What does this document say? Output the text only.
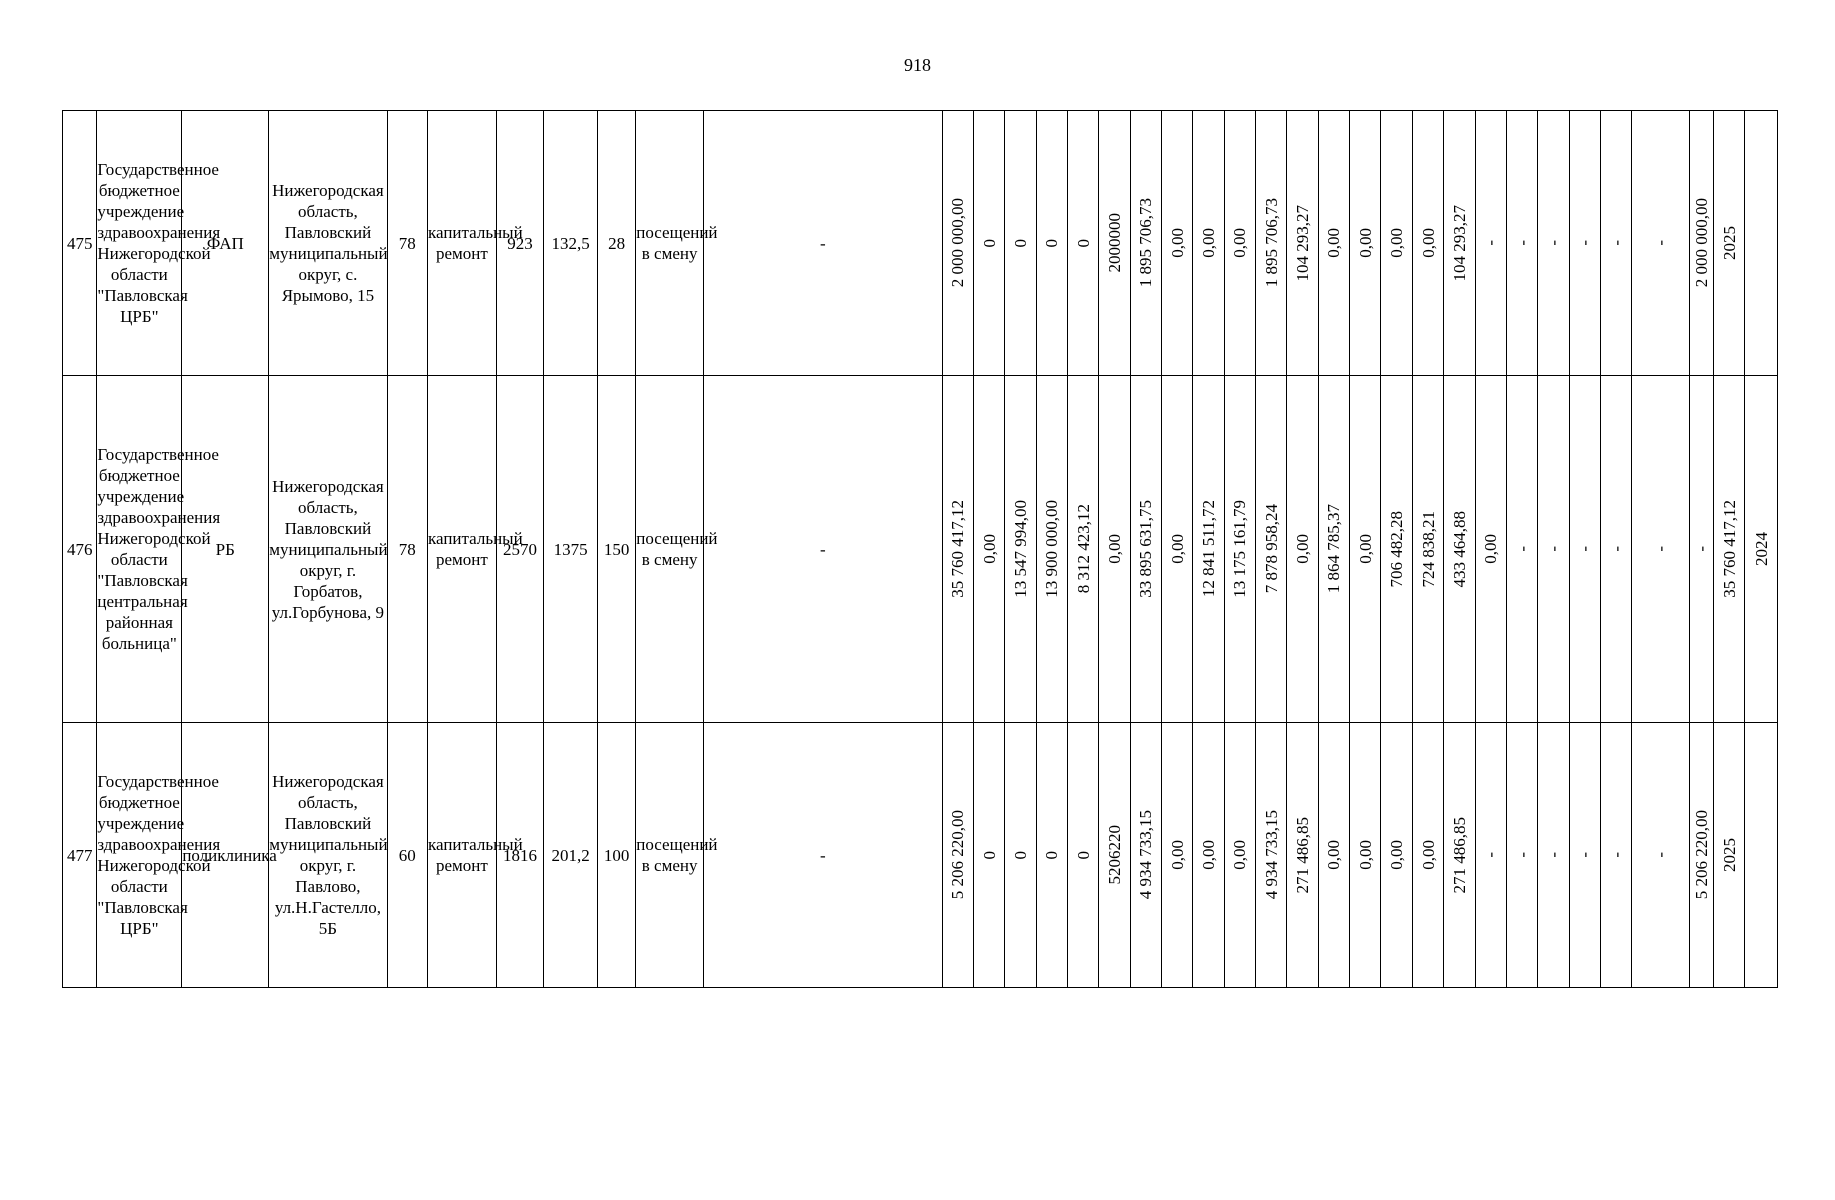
918
475	Государственное бюджетное учреждение здравоохранения Нижегородской области "Павловская ЦРБ"	ФАП	Нижегородская область, Павловский муниципальный округ, с. Ярымово, 15	78	капитальный ремонт	923	132,5	28	посещений в смену	-	2 000 000,00	0	0	0	0	2000000	1 895 706,73	0,00	0,00	0,00	1 895 706,73	104 293,27	0,00	0,00	0,00	0,00	104 293,27	-	-	-	-	-	-	2 000 000,00	2025	

476	Государственное бюджетное учреждение здравоохранения Нижегородской области "Павловская центральная районная больница"	РБ	Нижегородская область, Павловский муниципальный округ, г. Горбатов, ул.Горбунова, 9	78	капитальный ремонт	2570	1375	150	посещений в смену	-	35 760 417,12	0,00	13 547 994,00	13 900 000,00	8 312 423,12	0,00	33 895 631,75	0,00	12 841 511,72	13 175 161,79	7 878 958,24	0,00	1 864 785,37	0,00	706 482,28	724 838,21	433 464,88	0,00	-	-	-	-	-	-	35 760 417,12	2024

477	Государственное бюджетное учреждение здравоохранения Нижегородской области "Павловская ЦРБ"	поликлиника	Нижегородская область, Павловский муниципальный округ, г. Павлово, ул.Н.Гастелло, 5Б	60	капитальный ремонт	1816	201,2	100	посещений в смену	-	5 206 220,00	0	0	0	0	5206220	4 934 733,15	0,00	0,00	0,00	4 934 733,15	271 486,85	0,00	0,00	0,00	0,00	271 486,85	-	-	-	-	-	-	5 206 220,00	2025	
